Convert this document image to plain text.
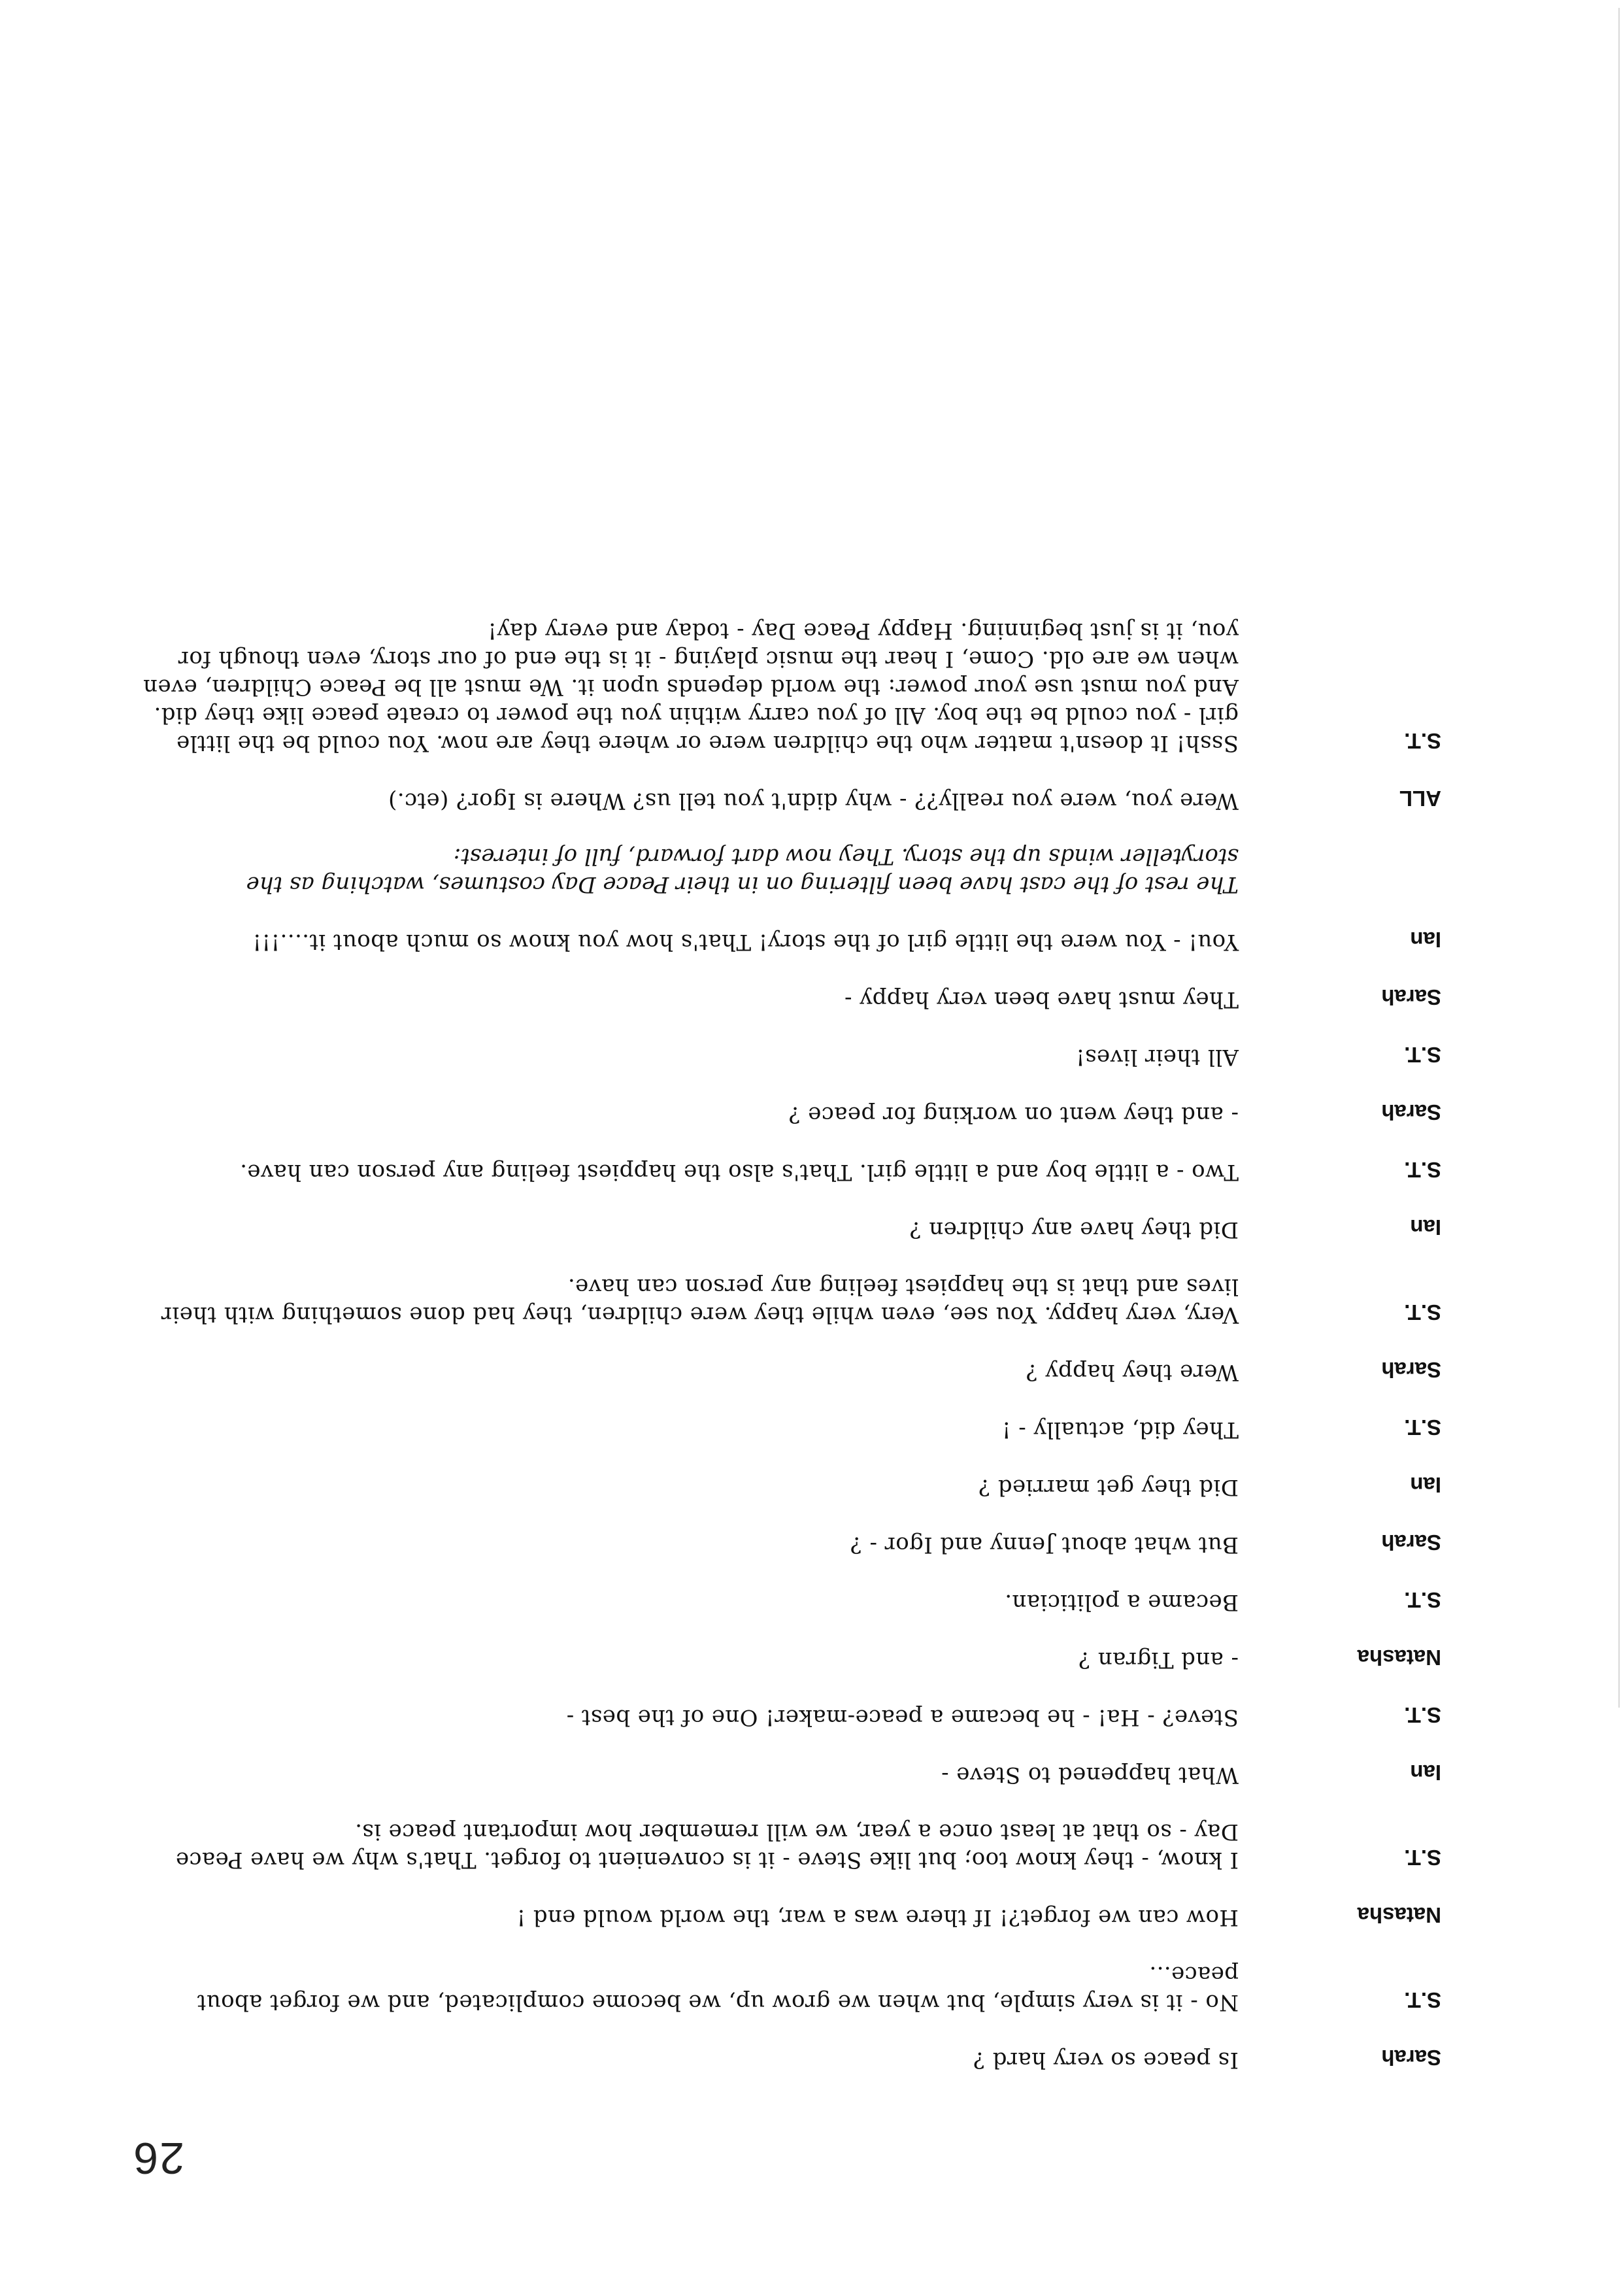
26
Sarah
Is peace so very hard ?
S.T.
No - it is very simple, but when we grow up, we become complicated, and we forget about peace...
Natasha
How can we forget?! If there was a war, the world would end !
S.T.
I know, - they know too; but like Steve - it is convenient to forget. That's why we have Peace Day - so that at least once a year, we will remember how important peace is.
Ian
What happened to Steve -
S.T.
Steve? - Ha! - he became a peace-maker! One of the best -
Natasha
- and Tigran ?
S.T.
Became a politician.
Sarah
But what about Jenny and Igor - ?
Ian
Did they get married ?
S.T.
They did, actually - !
Sarah
Were they happy ?
S.T.
Very, very happy. You see, even while they were children, they had done something with their lives and that is the happiest feeling any person can have.
Ian
Did they have any children ?
S.T.
Two - a little boy and a little girl. That's also the happiest feeling any person can have.
Sarah
- and they went on working for peace ?
S.T.
All their lives!
Sarah
They must have been very happy -
Ian
You! - You were the little girl of the story! That's how you know so much about it....!!!
The rest of the cast have been filtering on in their Peace Day costumes, watching as the storyteller winds up the story. They now dart forward, full of interest:
ALL
Were you, were you really?? - why didn't you tell us? Where is Igor? (etc.)
S.T.
Sssh! It doesn't matter who the children were or where they are now. You could be the little girl - you could be the boy. All of you carry within you the power to create peace like they did. And you must use your power: the world depends upon it. We must all be Peace Children, even when we are old. Come, I hear the music playing - it is the end of our story, even though for you, it is just beginning. Happy Peace Day - today and every day!
